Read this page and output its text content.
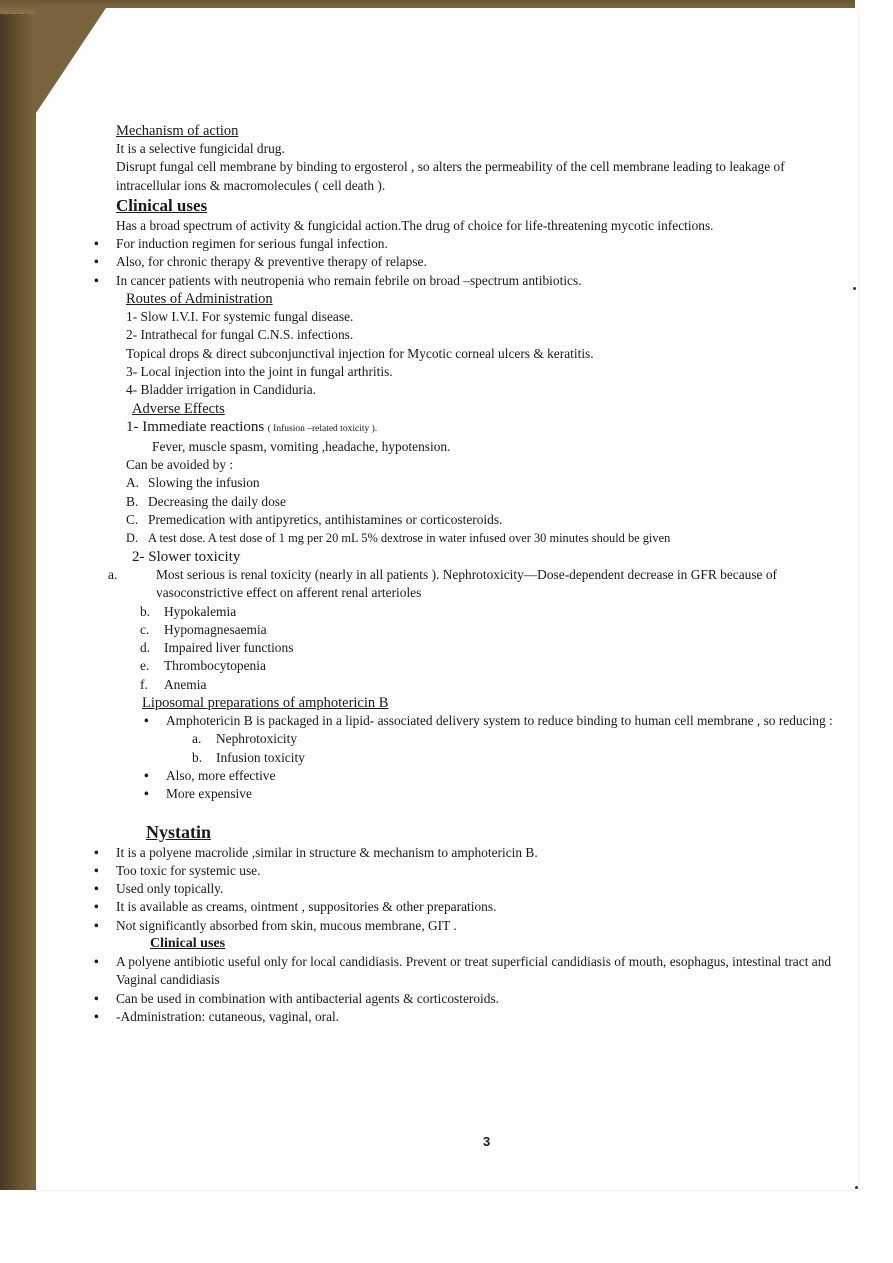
Mechanism of action

It is a selective fungicidal drug.

Disrupt fungal cell membrane by binding to ergosterol , so alters the permeability of the cell membrane leading to leakage of intracellular ions & macromolecules ( cell death ).

Clinical uses

Has a broad spectrum of activity & fungicidal action.The drug of choice for life-threatening mycotic infections.

• For induction regimen for serious fungal infection.
• Also, for chronic therapy & preventive therapy of relapse.
• In cancer patients with neutropenia who remain febrile on broad –spectrum antibiotics.

Routes of Administration

1- Slow I.V.I. For systemic fungal disease.

2- Intrathecal for fungal C.N.S. infections.

Topical drops & direct subconjunctival injection for Mycotic corneal ulcers & keratitis.

3- Local injection into the joint in fungal arthritis.

4- Bladder irrigation in Candiduria.

Adverse Effects

1- Immediate reactions ( Infusion –related toxicity ).

Fever, muscle spasm, vomiting ,headache, hypotension.

Can be avoided by :

A. Slowing the infusion

B. Decreasing the daily dose

C. Premedication with antipyretics, antihistamines or corticosteroids.

D. A test dose. A test dose of 1 mg per 20 mL 5% dextrose in water infused over 30 minutes should be given

2- Slower toxicity

a.	Most serious is renal toxicity (nearly in all patients ). Nephrotoxicity—Dose-dependent decrease in GFR because of vasoconstrictive effect on afferent renal arterioles

b. Hypokalemia

c. Hypomagnesaemia

d. Impaired liver functions

e. Thrombocytopenia

f. Anemia

Liposomal preparations of amphotericin B

• Amphotericin B is packaged in a lipid- associated delivery system to reduce binding to human cell membrane , so reducing :

a. Nephrotoxicity

b. Infusion toxicity

• Also, more effective
• More expensive

Nystatin

• It is a polyene macrolide ,similar in structure & mechanism to amphotericin B.
• Too toxic for systemic use.
• Used only topically.
• It is available as creams, ointment , suppositories & other preparations.
• Not significantly absorbed from skin, mucous membrane, GIT .

Clinical uses

• A polyene antibiotic useful only for local candidiasis. Prevent or treat superficial candidiasis of mouth, esophagus, intestinal tract and Vaginal candidiasis
• Can be used in combination with antibacterial agents & corticosteroids.
• -Administration: cutaneous, vaginal, oral.
3
